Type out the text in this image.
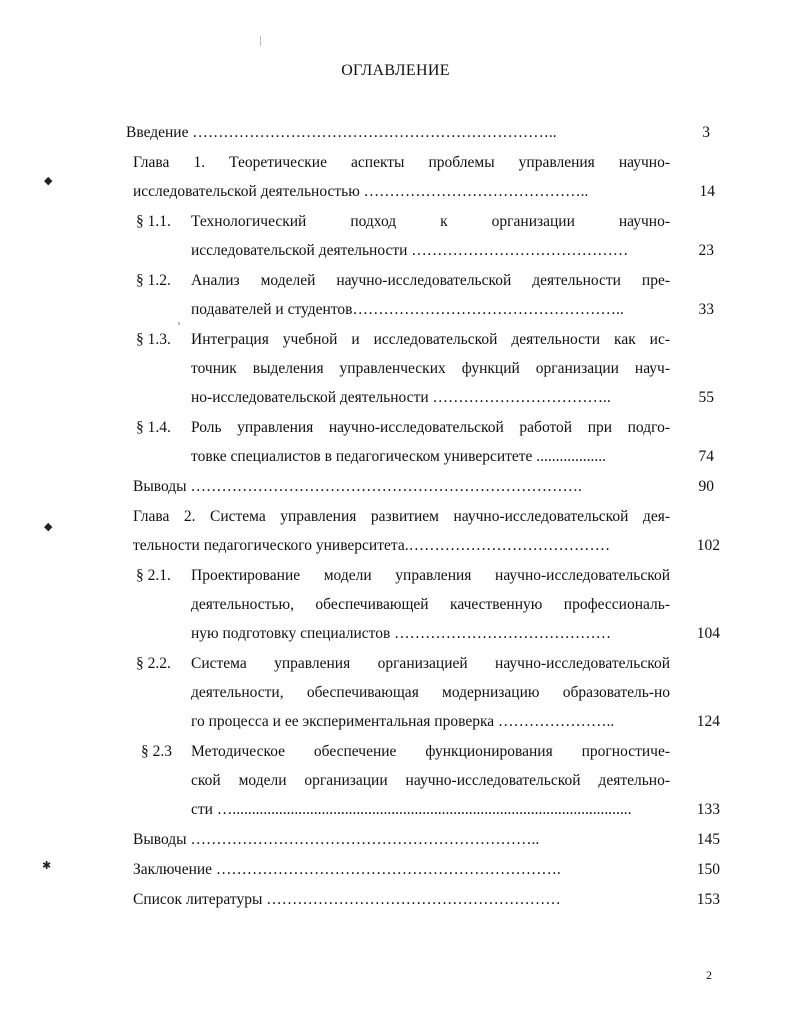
ОГЛАВЛЕНИЕ
Введение ……………………………………………………………..	3
Глава 1. Теоретические аспекты проблемы управления научно-
исследовательской деятельностью ……………………………………..	14
§ 1.1. Технологический подход к организации научно-
исследовательской деятельности ……………………………………	23
§ 1.2. Анализ моделей научно-исследовательской деятельности пре-
подавателей и студентов……………………………………………..	33
§ 1.3. Интеграция учебной и исследовательской деятельности как ис-
точник выделения управленческих функций организации науч-
но-исследовательской деятельности ……………………………..	55
§ 1.4. Роль управления научно-исследовательской работой при подго-
товке специалистов в педагогическом университете ..................	74
Выводы ………………………………………………………………….	90
Глава 2. Система управления развитием научно-исследовательской дея-
тельности педагогического университета.…………………………………	102
§ 2.1. Проектирование модели управления научно-исследовательской
деятельностью, обеспечивающей качественную профессиональ-
ную подготовку специалистов ……………………………………	104
§ 2.2. Система управления организацией научно-исследовательской
деятельности, обеспечивающая модернизацию образователь-но
го процесса и ее экспериментальная проверка …………………..	124
§ 2.3 Методическое обеспечение функционирования прогностиче-
ской модели организации научно-исследовательской деятельно-
сти ….......................................................................................................	133
Выводы …………………………………………………………..	145
Заключение ………………………………………………………….	150
Список литературы …………………………………………………	153
◆
◆
✱
2
